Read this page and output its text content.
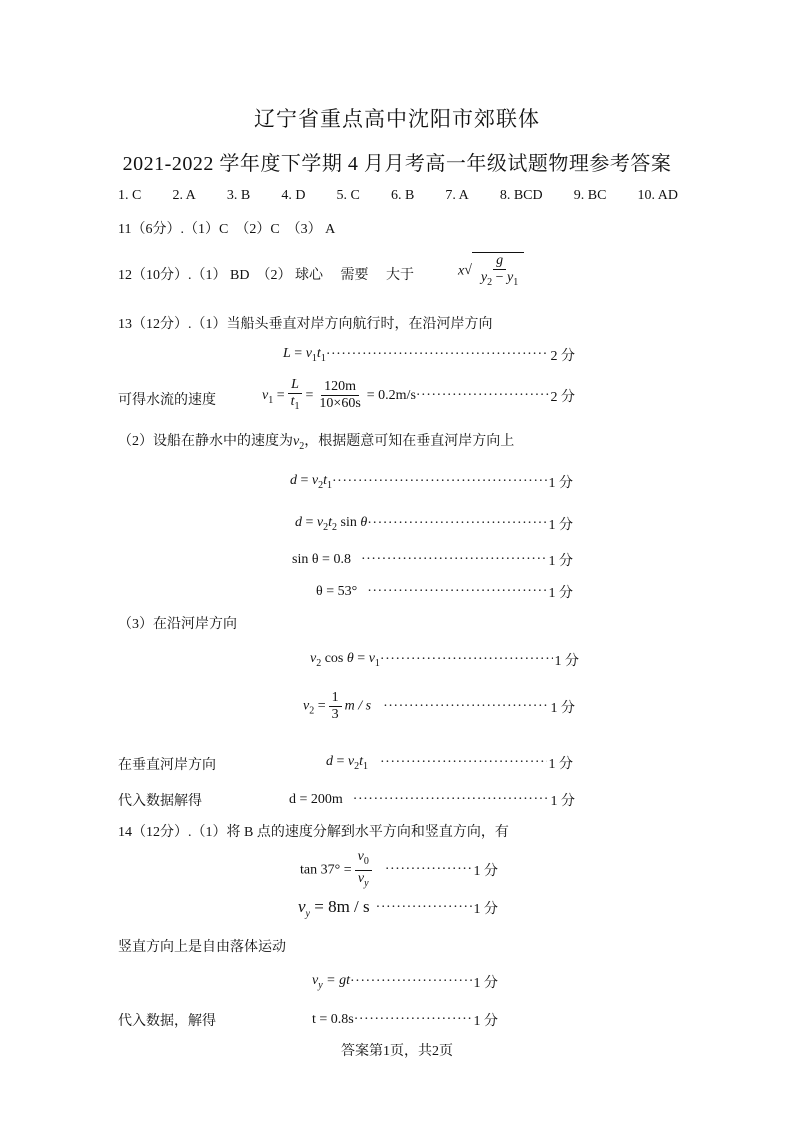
辽宁省重点高中沈阳市郊联体
2021-2022 学年度下学期 4 月月考高一年级试题物理参考答案
1. C 2. A 3. B 4. D 5. C 6. B 7. A 8. BCD 9. BC 10. AD
11（6分）.（1）C　（2）C　（3） A
12（10分）.（1） BD　（2） 球心　 需要　 大于	x √ $\frac{g}{y_2 - y_1}$
13（12分）.（1）当船头垂直对岸方向航行时，在沿河岸方向
$L = v_1t_1$ ·····	2 分
可得水流的速度	$v_1 = \frac{L}{t_1} = \frac{120m}{10\times 60s} = 0.2m/s$ ·····	2 分
（2）设船在静水中的速度为$v_2$，根据题意可知在垂直河岸方向上
$d = v_2t_1$ ·····	1 分
$d = v_2t_2$ sin θ ·····	1 分
sin θ = 0.8 ·····	1 分
θ = 53° ·····	1 分
（3）在沿河岸方向
$v_2$ $\cos \theta = v_1$ ·····	1 分
$v_2 = \frac{1}{3}$ m / s ·····	1 分
在垂直河岸方向	$d = v_2t_1$ ·····	1 分
代入数据解得	d = 200m ·····	1 分
14（12分）.（1）将 B 点的速度分解到水平方向和竖直方向，有
$\tan 37^\circ = \frac{v_0}{v_y}$ ·····	1 分
$v_y = 8m / s$ ·····	1 分
竖直方向上是自由落体运动
$v_y$ = gt ·····	1 分
代入数据，解得	t = 0.8s ·····	1 分
答案第1页，共2页
